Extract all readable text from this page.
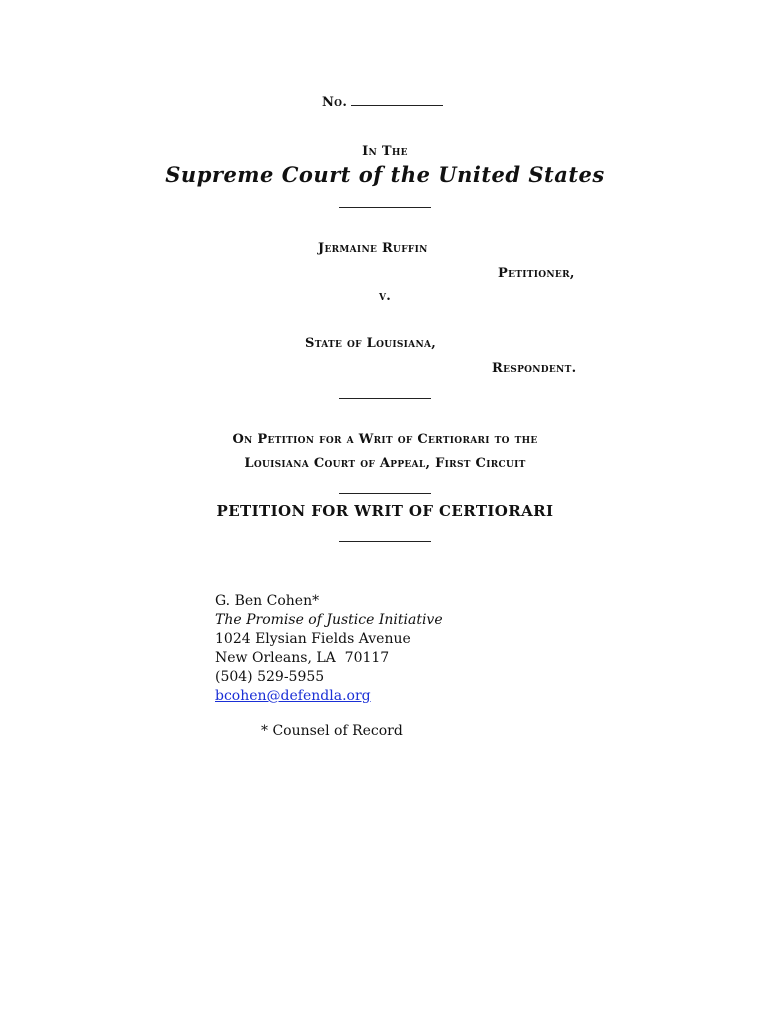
No.
In The
Supreme Court of the United States
Jermaine Ruffin
Petitioner,
v.
State of Louisiana,
Respondent.
On Petition for a Writ of Certiorari to the
Louisiana Court of Appeal, First Circuit
PETITION FOR WRIT OF CERTIORARI
G. Ben Cohen*
The Promise of Justice Initiative
1024 Elysian Fields Avenue
New Orleans, LA  70117
(504) 529-5955
bcohen@defendla.org
* Counsel of Record
